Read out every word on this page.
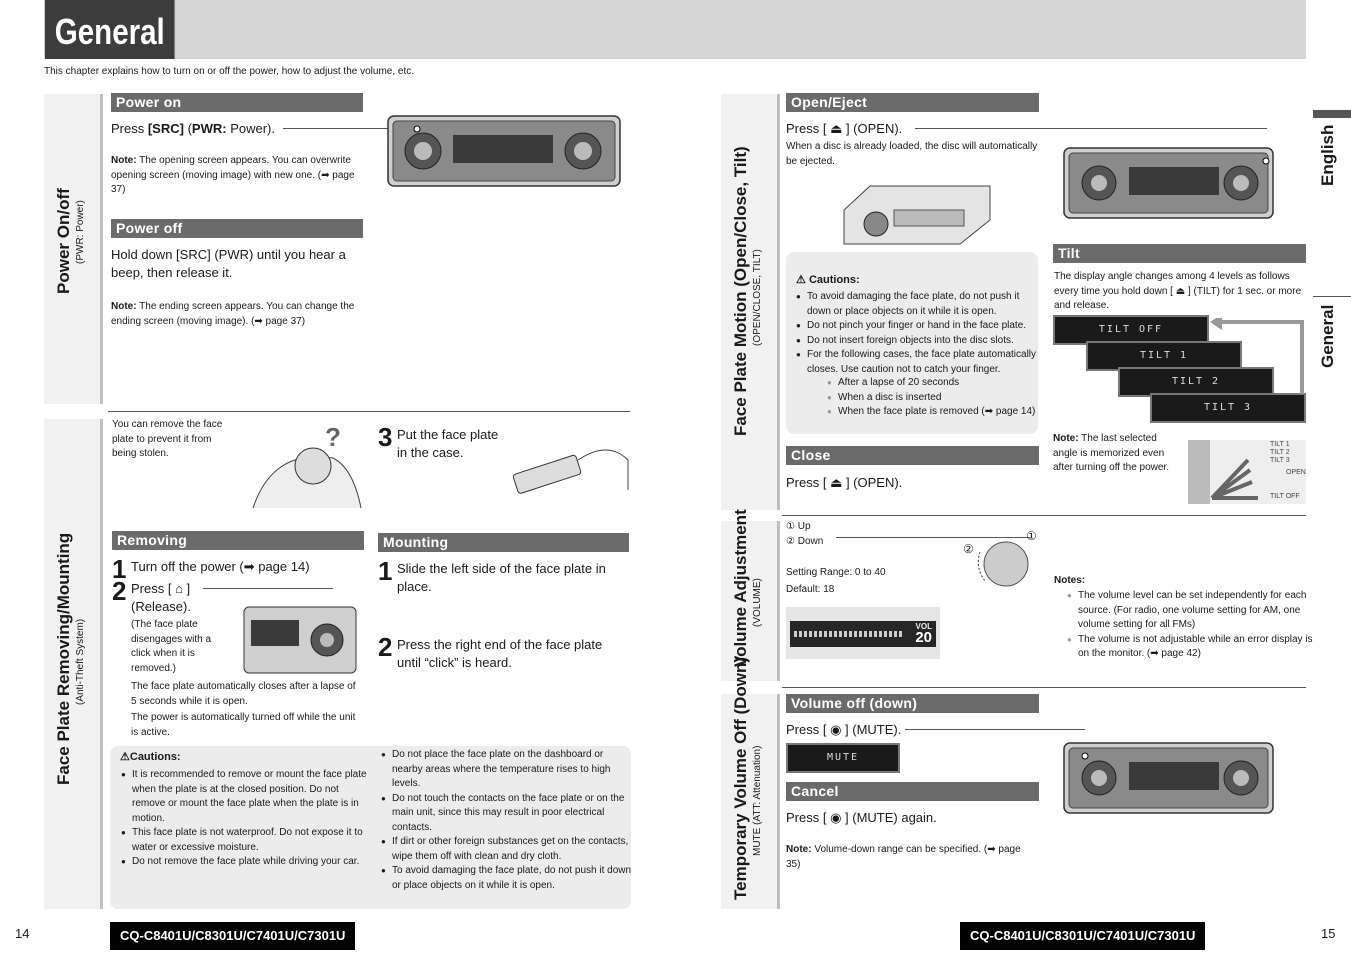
General
This chapter explains how to turn on or off the power, how to adjust the volume, etc.
Power On/off (PWR: Power)
Power on
Press [SRC] (PWR: Power).
Note: The opening screen appears. You can overwrite opening screen (moving image) with new one. (➡ page 37)
Power off
Hold down [SRC] (PWR) until you hear a beep, then release it.
Note: The ending screen appears. You can change the ending screen (moving image). (➡ page 37)
Face Plate Removing/Mounting (Anti-Theft System)
You can remove the face plate to prevent it from being stolen.
? 3 Put the face plate in the case.
Removing
1 Turn off the power (➡ page 14)
2 Press [ ⌂ ]
(Release).
(The face plate disengages with a click when it is removed.)
The face plate automatically closes after a lapse of 5 seconds while it is open.
The power is automatically turned off while the unit is active.
Mounting
1 Slide the left side of the face plate in place.
2 Press the right end of the face plate until “click” is heard.
⚠Cautions:
● It is recommended to remove or mount the face plate when the plate is at the closed position. Do not remove or mount the face plate when the plate is in motion.
● This face plate is not waterproof. Do not expose it to water or excessive moisture.
● Do not remove the face plate while driving your car.
● Do not place the face plate on the dashboard or nearby areas where the temperature rises to high levels.
● Do not touch the contacts on the face plate or on the main unit, since this may result in poor electrical contacts.
● If dirt or other foreign substances get on the contacts, wipe them off with clean and dry cloth.
● To avoid damaging the face plate, do not push it down or place objects on it while it is open.
14	CQ-C8401U/C8301U/C7401U/C7301U
Face Plate Motion (Open/Close, Tilt) (OPEN/CLOSE, TILT)
Open/Eject
Press [ ⏏ ] (OPEN).
When a disc is already loaded, the disc will automatically be ejected.
⚠ Cautions:
● To avoid damaging the face plate, do not push it down or place objects on it while it is open.
● Do not pinch your finger or hand in the face plate.
● Do not insert foreign objects into the disc slots.
● For the following cases, the face plate automatically closes. Use caution not to catch your finger.
● After a lapse of 20 seconds
● When a disc is inserted
● When the face plate is removed (➡ page 14)
Close
Press [ ⏏ ] (OPEN).
Tilt
The display angle changes among 4 levels as follows every time you hold down [ ⏏ ] (TILT) for 1 sec. or more and release.
TILT OFF
TILT 1
TILT 2
TILT 3
Note: The last selected angle is memorized even after turning off the power.
TILT 1
TILT 2
TILT 3
OPEN
TILT OFF
Volume Adjustment (VOLUME)
① Up
② Down
Setting Range: 0 to 40
Default: 18
①
②
VOL
20
Notes:
● The volume level can be set independently for each source. (For radio, one volume setting for AM, one volume setting for all FMs)
● The volume is not adjustable while an error display is on the monitor. (➡ page 42)
Temporary Volume Off (Down) MUTE (ATT: Attenuation)
Volume off (down)
Press [ ◉ ] (MUTE).
MUTE
Cancel
Press [ ◉ ] (MUTE) again.
Note: Volume-down range can be specified. (➡ page 35)
English
General
CQ-C8401U/C8301U/C7401U/C7301U	15
